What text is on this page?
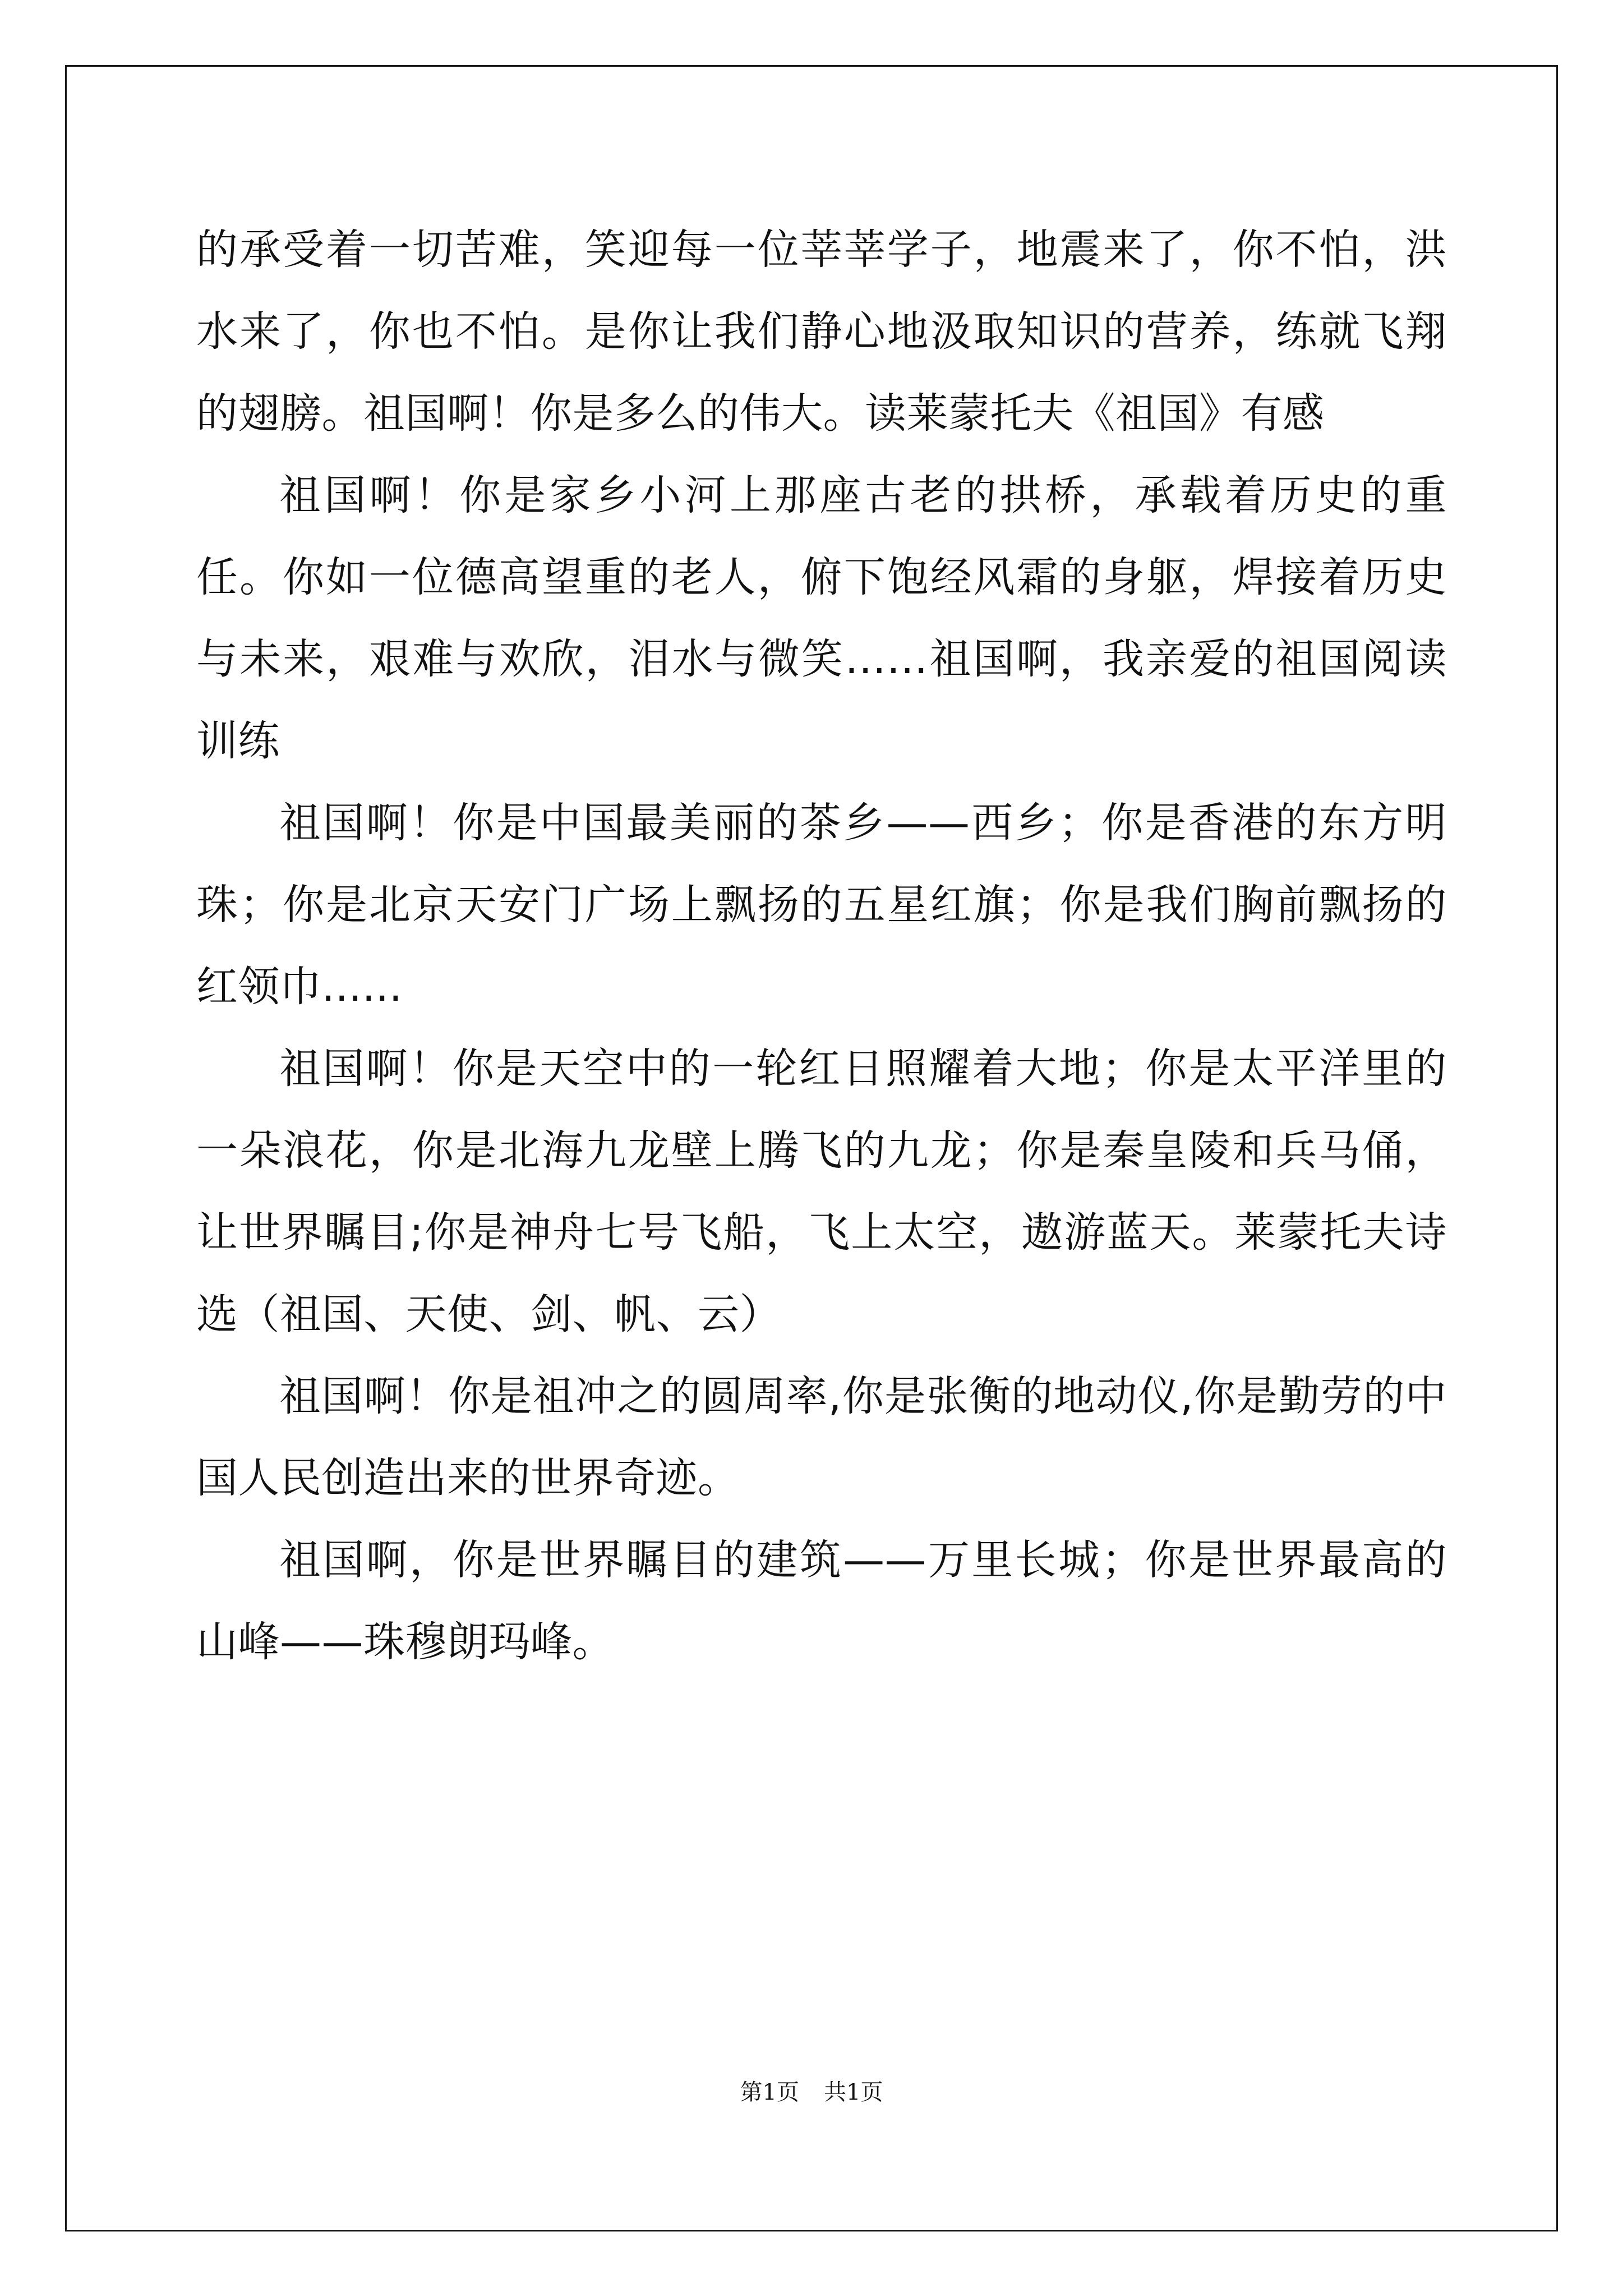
的承受着一切苦难，笑迎每一位莘莘学子，地震来了，你不怕，洪水来了，你也不怕。是你让我们静心地汲取知识的营养，练就飞翔的翅膀。祖国啊！你是多么的伟大。读莱蒙托夫《祖国》有感

祖国啊！你是家乡小河上那座古老的拱桥，承载着历史的重任。你如一位德高望重的老人，俯下饱经风霜的身躯，焊接着历史与未来，艰难与欢欣，泪水与微笑……祖国啊，我亲爱的祖国阅读训练

祖国啊！你是中国最美丽的茶乡——西乡；你是香港的东方明珠；你是北京天安门广场上飘扬的五星红旗；你是我们胸前飘扬的红领巾......

祖国啊！你是天空中的一轮红日照耀着大地；你是太平洋里的一朵浪花，你是北海九龙壁上腾飞的九龙；你是秦皇陵和兵马俑，让世界瞩目;你是神舟七号飞船，飞上太空，遨游蓝天。莱蒙托夫诗选（祖国、天使、剑、帆、云）

祖国啊！你是祖冲之的圆周率,你是张衡的地动仪,你是勤劳的中国人民创造出来的世界奇迹。

祖国啊，你是世界瞩目的建筑——万里长城；你是世界最高的山峰——珠穆朗玛峰。

第1页 共1页
